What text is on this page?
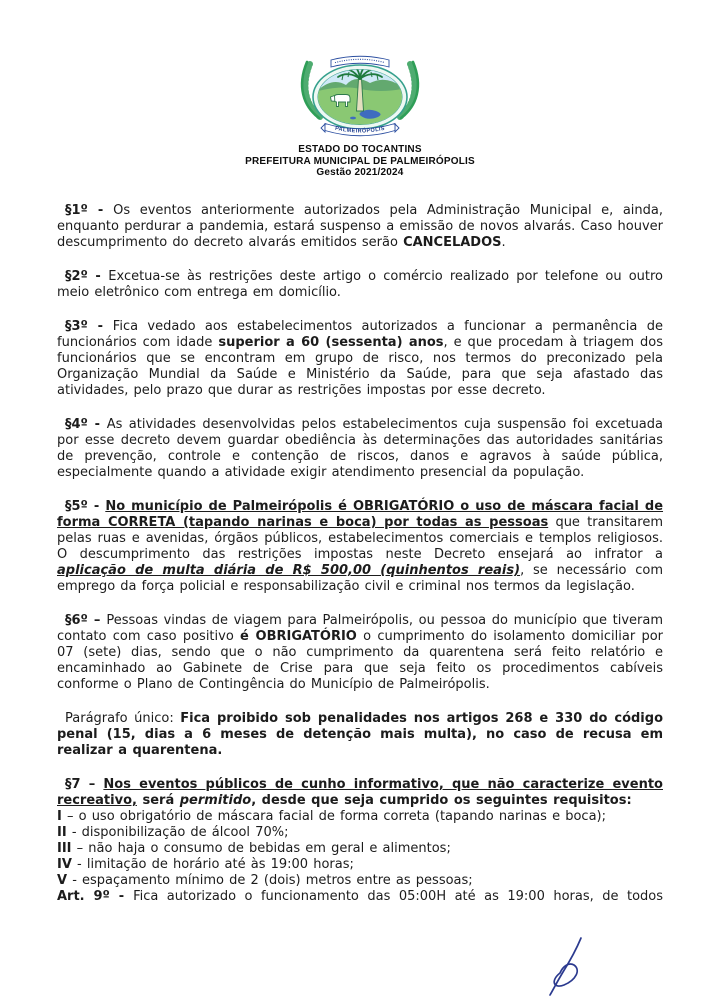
PALMEIRÓPOLIS
ESTADO DO TOCANTINS
PREFEITURA MUNICIPAL DE PALMEIRÓPOLIS
Gestão 2021/2024

§1º - Os eventos anteriormente autorizados pela Administração Municipal e, ainda, enquanto perdurar a pandemia, estará suspenso a emissão de novos alvarás. Caso houver descumprimento do decreto alvarás emitidos serão CANCELADOS.

§2º - Excetua-se às restrições deste artigo o comércio realizado por telefone ou outro meio eletrônico com entrega em domicílio.

§3º - Fica vedado aos estabelecimentos autorizados a funcionar a permanência de funcionários com idade superior a 60 (sessenta) anos, e que procedam à triagem dos funcionários que se encontram em grupo de risco, nos termos do preconizado pela Organização Mundial da Saúde e Ministério da Saúde, para que seja afastado das atividades, pelo prazo que durar as restrições impostas por esse decreto.

§4º - As atividades desenvolvidas pelos estabelecimentos cuja suspensão foi excetuada por esse decreto devem guardar obediência às determinações das autoridades sanitárias de prevenção, controle e contenção de riscos, danos e agravos à saúde pública, especialmente quando a atividade exigir atendimento presencial da população.

§5º - No município de Palmeirópolis é OBRIGATÓRIO o uso de máscara facial de forma CORRETA (tapando narinas e boca) por todas as pessoas que transitarem pelas ruas e avenidas, órgãos públicos, estabelecimentos comerciais e templos religiosos. O descumprimento das restrições impostas neste Decreto ensejará ao infrator a aplicação de multa diária de R$ 500,00 (quinhentos reais), se necessário com emprego da força policial e responsabilização civil e criminal nos termos da legislação.

§6º – Pessoas vindas de viagem para Palmeirópolis, ou pessoa do município que tiveram contato com caso positivo é OBRIGATÓRIO o cumprimento do isolamento domiciliar por 07 (sete) dias, sendo que o não cumprimento da quarentena será feito relatório e encaminhado ao Gabinete de Crise para que seja feito os procedimentos cabíveis conforme o Plano de Contingência do Município de Palmeirópolis.

Parágrafo único: Fica proibido sob penalidades nos artigos 268 e 330 do código penal (15, dias a 6 meses de detenção mais multa), no caso de recusa em realizar a quarentena.

§7 – Nos eventos públicos de cunho informativo, que não caracterize evento recreativo, será permitido, desde que seja cumprido os seguintes requisitos:

I – o uso obrigatório de máscara facial de forma correta (tapando narinas e boca);

II - disponibilização de álcool 70%;

III – não haja o consumo de bebidas em geral e alimentos;

IV - limitação de horário até às 19:00 horas;

V - espaçamento mínimo de 2 (dois) metros entre as pessoas;

Art. 9º - Fica autorizado o funcionamento das 05:00H até as 19:00 horas, de todos
